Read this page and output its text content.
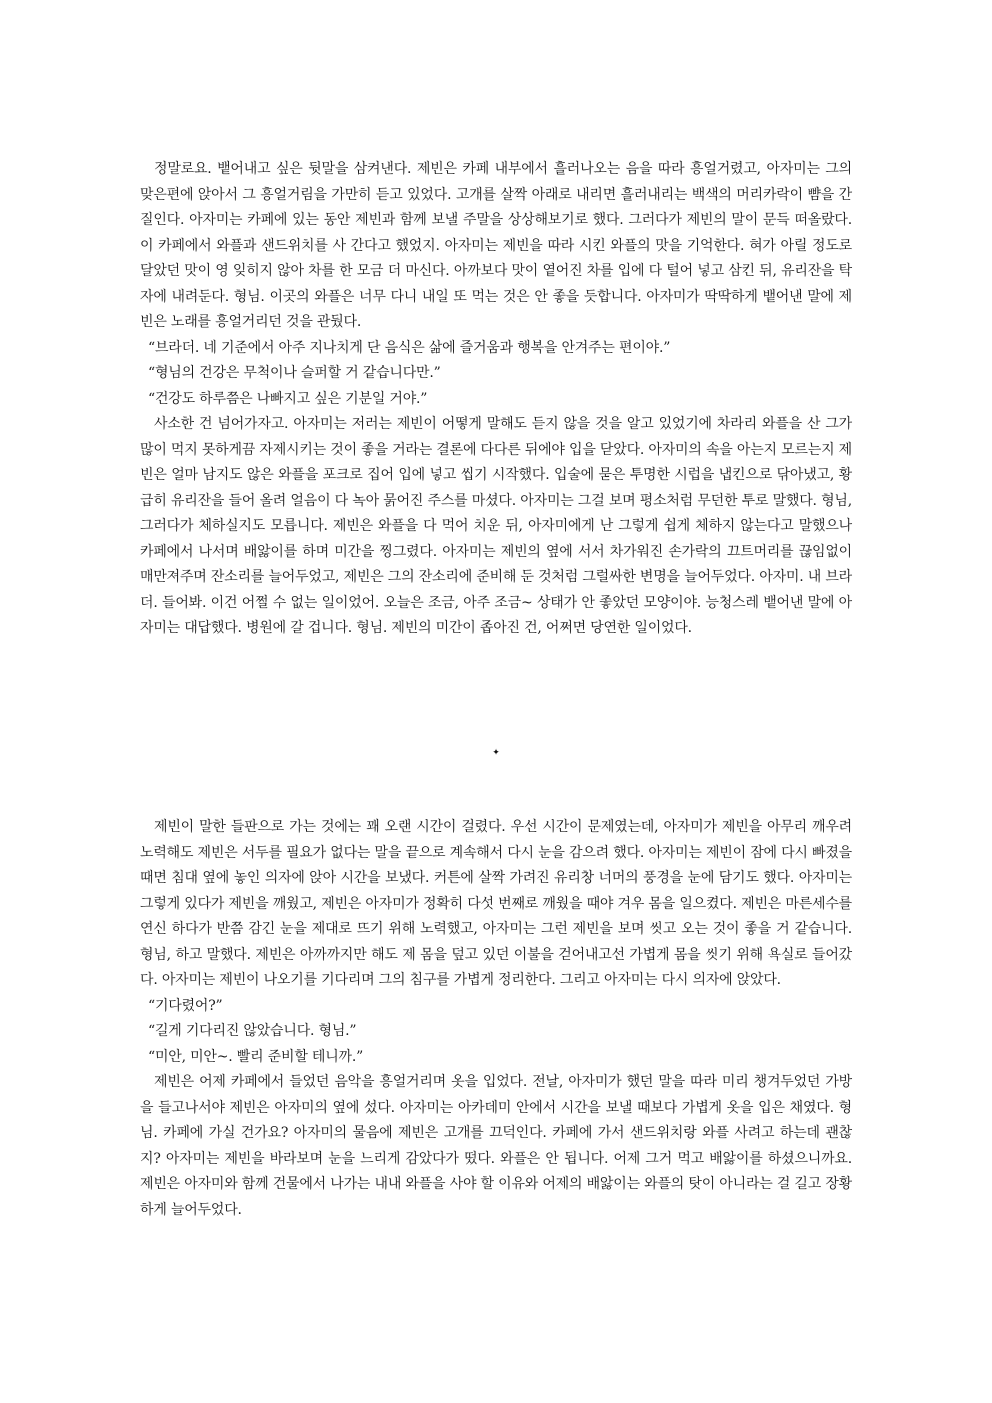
정말로요. 뱉어내고 싶은 뒷말을 삼켜낸다. 제빈은 카페 내부에서 흘러나오는 음을 따라 흥얼거렸고, 아자미는 그의 맞은편에 앉아서 그 흥얼거림을 가만히 듣고 있었다. 고개를 살짝 아래로 내리면 흘러내리는 백색의 머리카락이 뺨을 간질인다. 아자미는 카페에 있는 동안 제빈과 함께 보낼 주말을 상상해보기로 했다. 그러다가 제빈의 말이 문득 떠올랐다. 이 카페에서 와플과 샌드위치를 사 간다고 했었지. 아자미는 제빈을 따라 시킨 와플의 맛을 기억한다. 혀가 아릴 정도로 달았던 맛이 영 잊히지 않아 차를 한 모금 더 마신다. 아까보다 맛이 옅어진 차를 입에 다 털어 넣고 삼킨 뒤, 유리잔을 탁자에 내려둔다. 형님. 이곳의 와플은 너무 다니 내일 또 먹는 것은 안 좋을 듯합니다. 아자미가 딱딱하게 뱉어낸 말에 제빈은 노래를 흥얼거리던 것을 관뒀다.

“브라더. 네 기준에서 아주 지나치게 단 음식은 삶에 즐거움과 행복을 안겨주는 편이야.”

“형님의 건강은 무척이나 슬퍼할 거 같습니다만.”

“건강도 하루쯤은 나빠지고 싶은 기분일 거야.”

사소한 건 넘어가자고. 아자미는 저러는 제빈이 어떻게 말해도 듣지 않을 것을 알고 있었기에 차라리 와플을 산 그가 많이 먹지 못하게끔 자제시키는 것이 좋을 거라는 결론에 다다른 뒤에야 입을 닫았다. 아자미의 속을 아는지 모르는지 제빈은 얼마 남지도 않은 와플을 포크로 집어 입에 넣고 씹기 시작했다. 입술에 묻은 투명한 시럽을 냅킨으로 닦아냈고, 황급히 유리잔을 들어 올려 얼음이 다 녹아 묽어진 주스를 마셨다. 아자미는 그걸 보며 평소처럼 무던한 투로 말했다. 형님, 그러다가 체하실지도 모릅니다. 제빈은 와플을 다 먹어 치운 뒤, 아자미에게 난 그렇게 쉽게 체하지 않는다고 말했으나 카페에서 나서며 배앓이를 하며 미간을 찡그렸다. 아자미는 제빈의 옆에 서서 차가워진 손가락의 끄트머리를 끊임없이 매만져주며 잔소리를 늘어두었고, 제빈은 그의 잔소리에 준비해 둔 것처럼 그럴싸한 변명을 늘어두었다. 아자미. 내 브라더. 들어봐. 이건 어쩔 수 없는 일이었어. 오늘은 조금, 아주 조금~ 상태가 안 좋았던 모양이야. 능청스레 뱉어낸 말에 아자미는 대답했다. 병원에 갈 겁니다. 형님. 제빈의 미간이 좁아진 건, 어쩌면 당연한 일이었다.

✦

제빈이 말한 들판으로 가는 것에는 꽤 오랜 시간이 걸렸다. 우선 시간이 문제였는데, 아자미가 제빈을 아무리 깨우려 노력해도 제빈은 서두를 필요가 없다는 말을 끝으로 계속해서 다시 눈을 감으려 했다. 아자미는 제빈이 잠에 다시 빠졌을 때면 침대 옆에 놓인 의자에 앉아 시간을 보냈다. 커튼에 살짝 가려진 유리창 너머의 풍경을 눈에 담기도 했다. 아자미는 그렇게 있다가 제빈을 깨웠고, 제빈은 아자미가 정확히 다섯 번째로 깨웠을 때야 겨우 몸을 일으켰다. 제빈은 마른세수를 연신 하다가 반쯤 감긴 눈을 제대로 뜨기 위해 노력했고, 아자미는 그런 제빈을 보며 씻고 오는 것이 좋을 거 같습니다. 형님, 하고 말했다. 제빈은 아까까지만 해도 제 몸을 덮고 있던 이불을 걷어내고선 가볍게 몸을 씻기 위해 욕실로 들어갔다. 아자미는 제빈이 나오기를 기다리며 그의 침구를 가볍게 정리한다. 그리고 아자미는 다시 의자에 앉았다.

“기다렸어?”

“길게 기다리진 않았습니다. 형님.”

“미안, 미안~. 빨리 준비할 테니까.”

제빈은 어제 카페에서 들었던 음악을 흥얼거리며 옷을 입었다. 전날, 아자미가 했던 말을 따라 미리 챙겨두었던 가방을 들고나서야 제빈은 아자미의 옆에 섰다. 아자미는 아카데미 안에서 시간을 보낼 때보다 가볍게 옷을 입은 채였다. 형님. 카페에 가실 건가요? 아자미의 물음에 제빈은 고개를 끄덕인다. 카페에 가서 샌드위치랑 와플 사려고 하는데 괜찮지? 아자미는 제빈을 바라보며 눈을 느리게 감았다가 떴다. 와플은 안 됩니다. 어제 그거 먹고 배앓이를 하셨으니까요. 제빈은 아자미와 함께 건물에서 나가는 내내 와플을 사야 할 이유와 어제의 배앓이는 와플의 탓이 아니라는 걸 길고 장황하게 늘어두었다.
